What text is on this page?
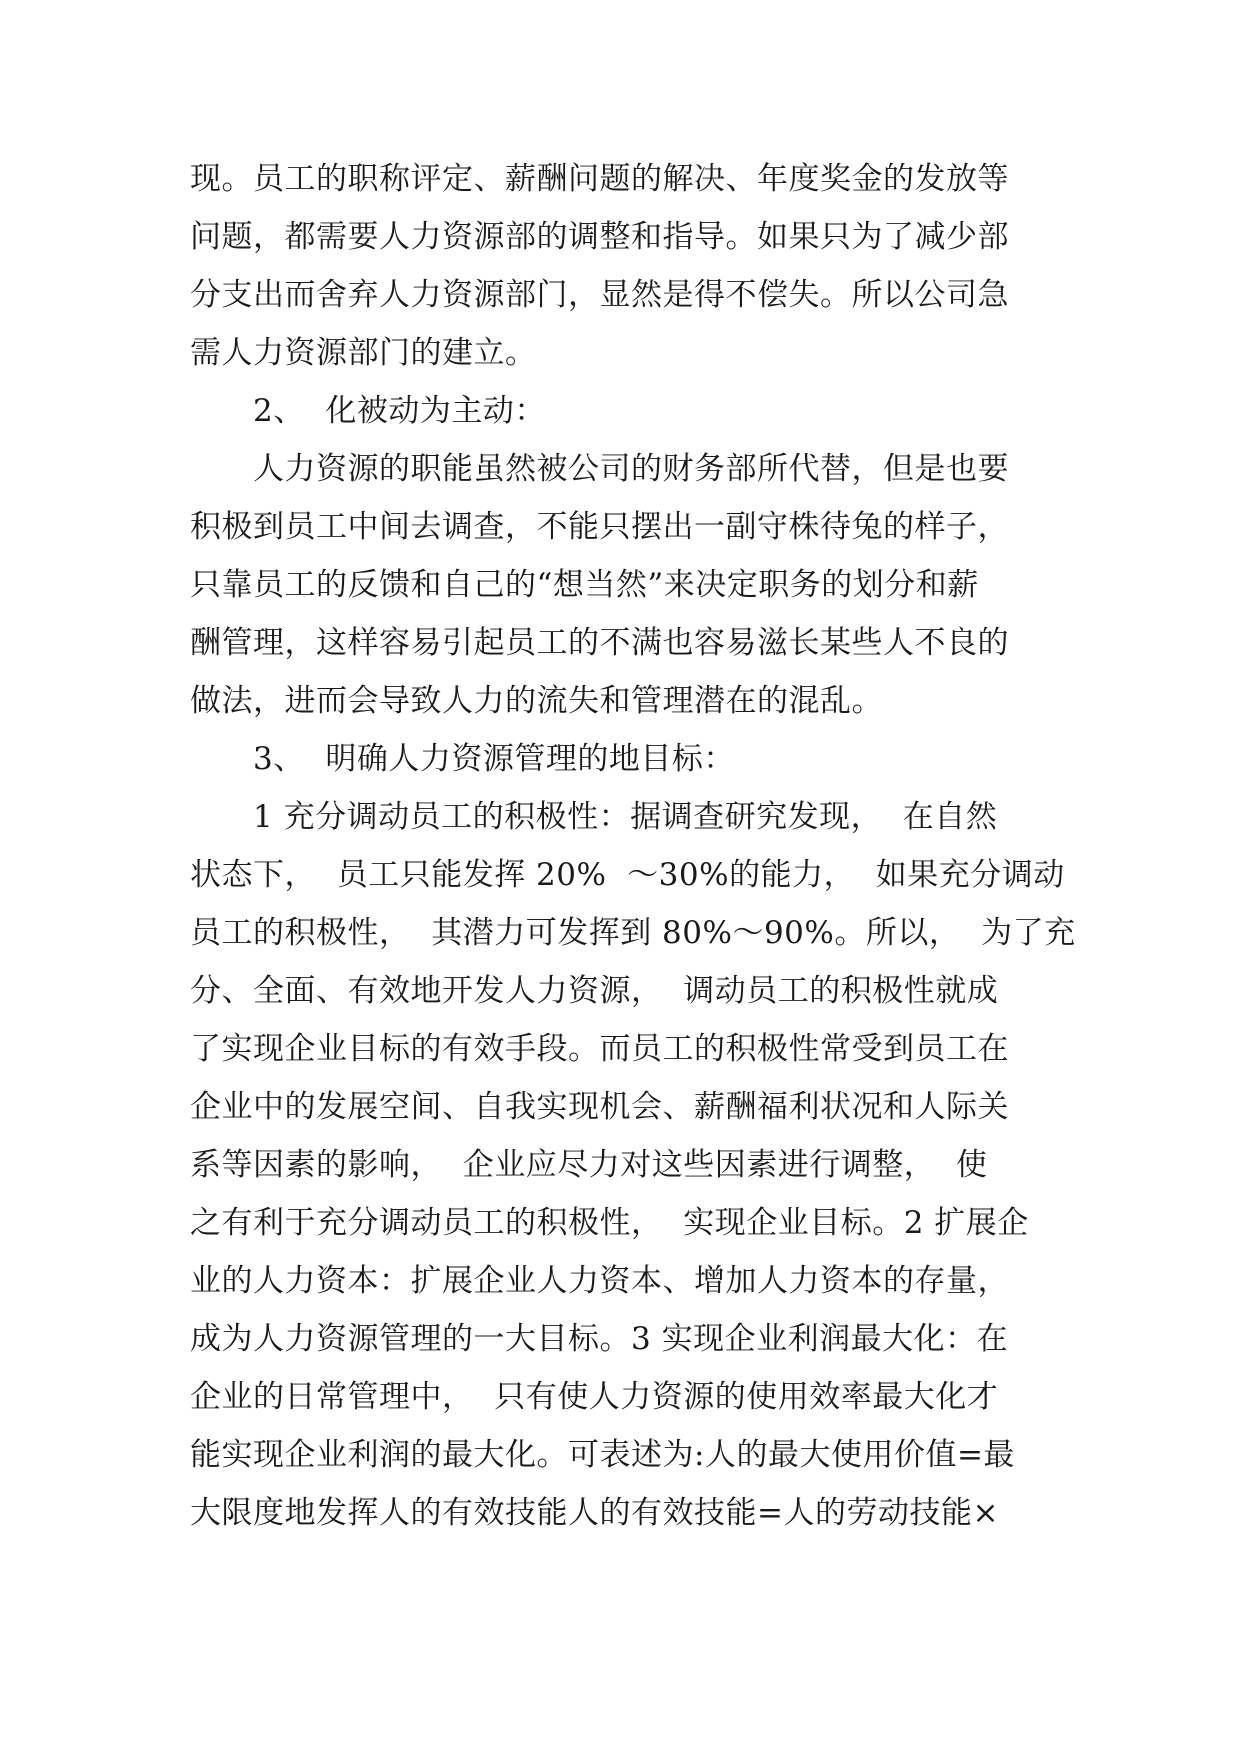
现。员工的职称评定、薪酬问题的解决、年度奖金的发放等
问题，都需要人力资源部的调整和指导。如果只为了减少部
分支出而舍弃人力资源部门，显然是得不偿失。所以公司急
需人力资源部门的建立。
2、  化被动为主动：
人力资源的职能虽然被公司的财务部所代替，但是也要
积极到员工中间去调查，不能只摆出一副守株待兔的样子，
只靠员工的反馈和自己的“想当然”来决定职务的划分和薪
酬管理，这样容易引起员工的不满也容易滋长某些人不良的
做法，进而会导致人力的流失和管理潜在的混乱。
3、  明确人力资源管理的地目标：
1 充分调动员工的积极性：据调查研究发现，  在自然
状态下，  员工只能发挥 20%  ～30%的能力，  如果充分调动
员工的积极性，  其潜力可发挥到 80%～90%。所以，  为了充
分、全面、有效地开发人力资源，  调动员工的积极性就成
了实现企业目标的有效手段。而员工的积极性常受到员工在
企业中的发展空间、自我实现机会、薪酬福利状况和人际关
系等因素的影响，  企业应尽力对这些因素进行调整，  使
之有利于充分调动员工的积极性，  实现企业目标。2 扩展企
业的人力资本：扩展企业人力资本、增加人力资本的存量，
成为人力资源管理的一大目标。3 实现企业利润最大化：在
企业的日常管理中，  只有使人力资源的使用效率最大化才
能实现企业利润的最大化。可表述为:人的最大使用价值=最
大限度地发挥人的有效技能人的有效技能=人的劳动技能×
